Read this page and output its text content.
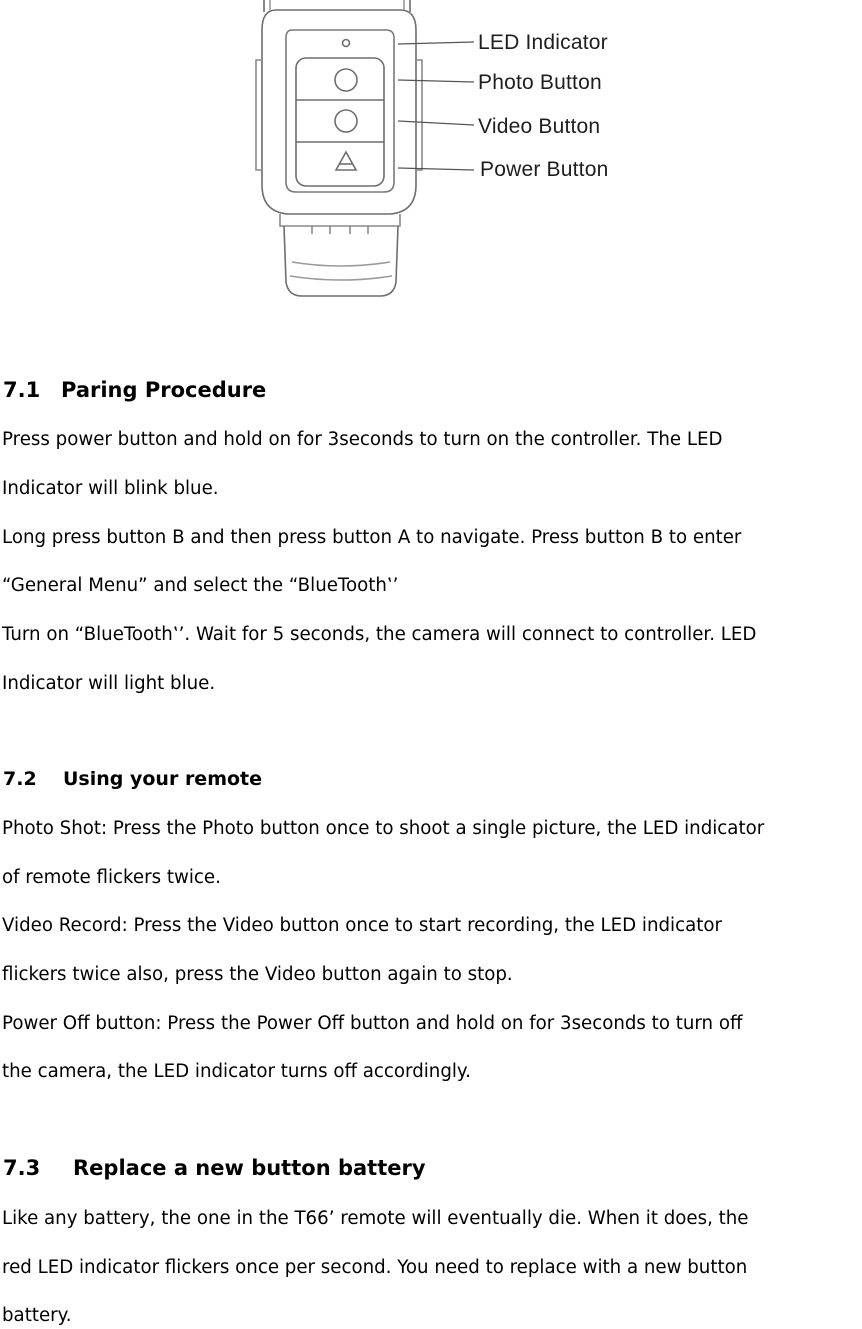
LED Indicator
Photo Button
Video Button
Power Button
7.1 Paring Procedure

Press power button and hold on for 3seconds to turn on the controller. The LED

Indicator will blink blue.

Long press button B and then press button A to navigate. Press button B to enter

“General Menu” and select the “BlueTooth‛’

Turn on “BlueTooth‛’. Wait for 5 seconds, the camera will connect to controller. LED

Indicator will light blue.

7.2 Using your remote

Photo Shot: Press the Photo button once to shoot a single picture, the LED indicator

of remote flickers twice.

Video Record: Press the Video button once to start recording, the LED indicator

flickers twice also, press the Video button again to stop.

Power Off button: Press the Power Off button and hold on for 3seconds to turn off

the camera, the LED indicator turns off accordingly.

7.3 Replace a new button battery

Like any battery, the one in the T66’ remote will eventually die. When it does, the

red LED indicator flickers once per second. You need to replace with a new button

battery.
